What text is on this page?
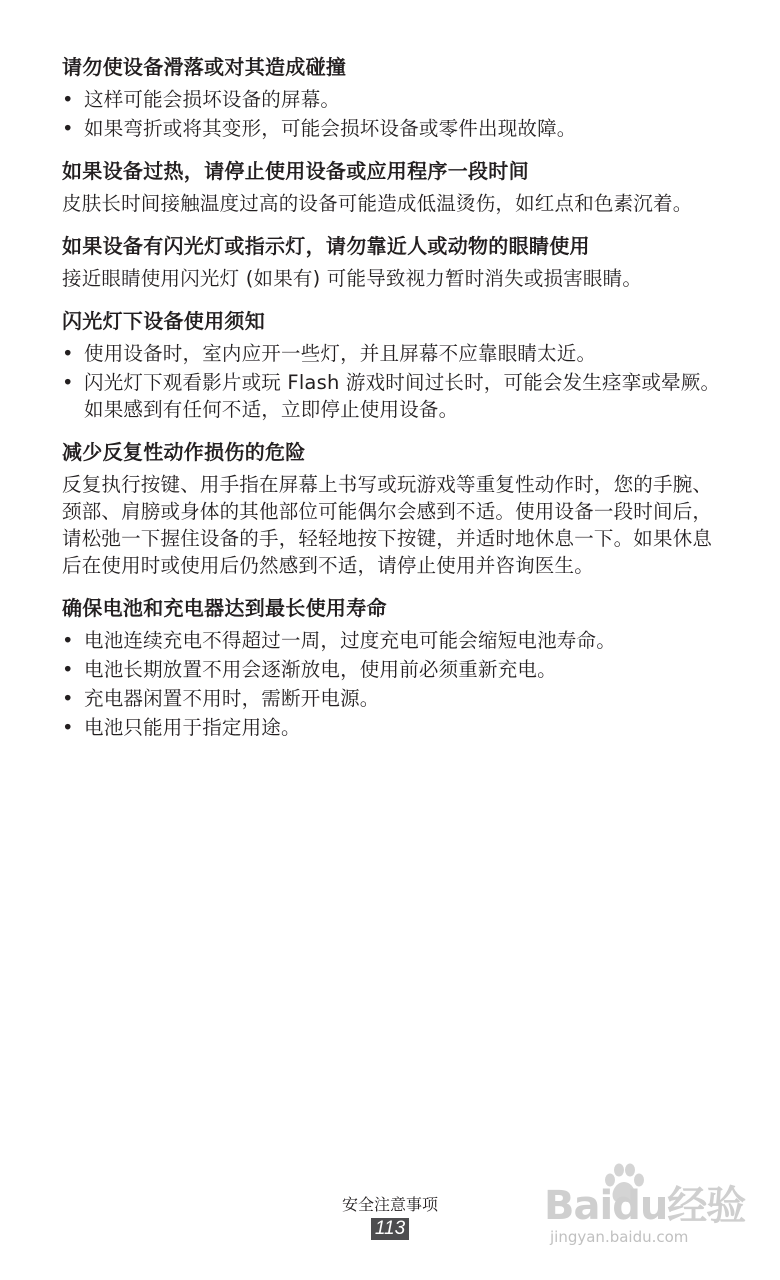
请勿使设备滑落或对其造成碰撞
• 这样可能会损坏设备的屏幕。
• 如果弯折或将其变形，可能会损坏设备或零件出现故障。
如果设备过热，请停止使用设备或应用程序一段时间

皮肤长时间接触温度过高的设备可能造成低温烫伤，如红点和色素沉着。

如果设备有闪光灯或指示灯，请勿靠近人或动物的眼睛使用

接近眼睛使用闪光灯 (如果有) 可能导致视力暂时消失或损害眼睛。

闪光灯下设备使用须知
• 使用设备时，室内应开一些灯，并且屏幕不应靠眼睛太近。
• 闪光灯下观看影片或玩 Flash 游戏时间过长时，可能会发生痉挛或晕厥。如果感到有任何不适，立即停止使用设备。
减少反复性动作损伤的危险

反复执行按键、用手指在屏幕上书写或玩游戏等重复性动作时，您的手腕、颈部、肩膀或身体的其他部位可能偶尔会感到不适。使用设备一段时间后，请松弛一下握住设备的手，轻轻地按下按键，并适时地休息一下。如果休息后在使用时或使用后仍然感到不适，请停止使用并咨询医生。

确保电池和充电器达到最长使用寿命
• 电池连续充电不得超过一周，过度充电可能会缩短电池寿命。
• 电池长期放置不用会逐渐放电，使用前必须重新充电。
• 充电器闲置不用时，需断开电源。
• 电池只能用于指定用途。
安全注意事项
113	Baidu经验
jingyan.baidu.com
